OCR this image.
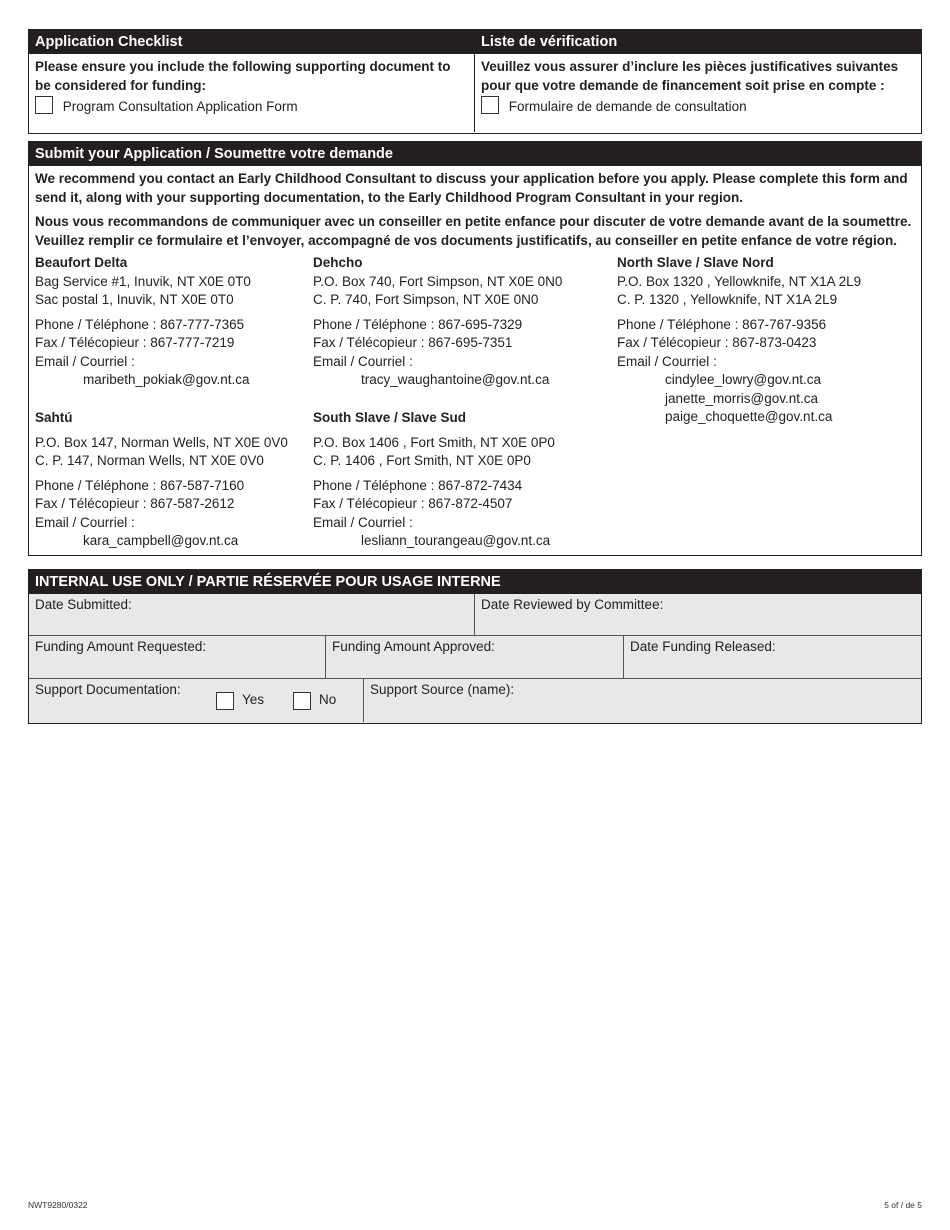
Application Checklist
Please ensure you include the following supporting document to be considered for funding:
Program Consultation Application Form
Liste de vérification
Veuillez vous assurer d’inclure les pièces justificatives suivantes pour que votre demande de financement soit prise en compte :
Formulaire de demande de consultation
Submit your Application / Soumettre votre demande
We recommend you contact an Early Childhood Consultant to discuss your application before you apply. Please complete this form and send it, along with your supporting documentation, to the Early Childhood Program Consultant in your region.
Nous vous recommandons de communiquer avec un conseiller en petite enfance pour discuter de votre demande avant de la soumettre. Veuillez remplir ce formulaire et l’envoyer, accompagné de vos documents justificatifs, au conseiller en petite enfance de votre région.
Beaufort Delta
Bag Service #1, Inuvik, NT X0E 0T0
Sac postal 1, Inuvik, NT X0E 0T0
Phone / Téléphone : 867-777-7365
Fax / Télécopieur : 867-777-7219
Email / Courriel :
maribeth_pokiak@gov.nt.ca
Dehcho
P.O. Box 740, Fort Simpson, NT X0E 0N0
C. P. 740, Fort Simpson, NT X0E 0N0
Phone / Téléphone : 867-695-7329
Fax / Télécopieur : 867-695-7351
Email / Courriel :
tracy_waughantoine@gov.nt.ca
North Slave / Slave Nord
P.O. Box 1320 , Yellowknife, NT X1A 2L9
C. P. 1320 , Yellowknife, NT X1A 2L9
Phone / Téléphone : 867-767-9356
Fax / Télécopieur : 867-873-0423
Email / Courriel :
cindylee_lowry@gov.nt.ca
janette_morris@gov.nt.ca
paige_choquette@gov.nt.ca
Sahtú
P.O. Box 147, Norman Wells, NT X0E 0V0
C. P. 147, Norman Wells, NT X0E 0V0
Phone / Téléphone : 867-587-7160
Fax / Télécopieur : 867-587-2612
Email / Courriel :
kara_campbell@gov.nt.ca
South Slave / Slave Sud
P.O. Box 1406 , Fort Smith, NT X0E 0P0
C. P. 1406 , Fort Smith, NT X0E 0P0
Phone / Téléphone : 867-872-7434
Fax / Télécopieur : 867-872-4507
Email / Courriel :
lesliann_tourangeau@gov.nt.ca
INTERNAL USE ONLY / PARTIE RÉSERVÉE POUR USAGE INTERNE
Date Submitted:	Date Reviewed by Committee:
Funding Amount Requested:	Funding Amount Approved:	Date Funding Released:
Support Documentation:
Yes	No
Support Source (name):
NWT9280/0322	5 of / de 5
